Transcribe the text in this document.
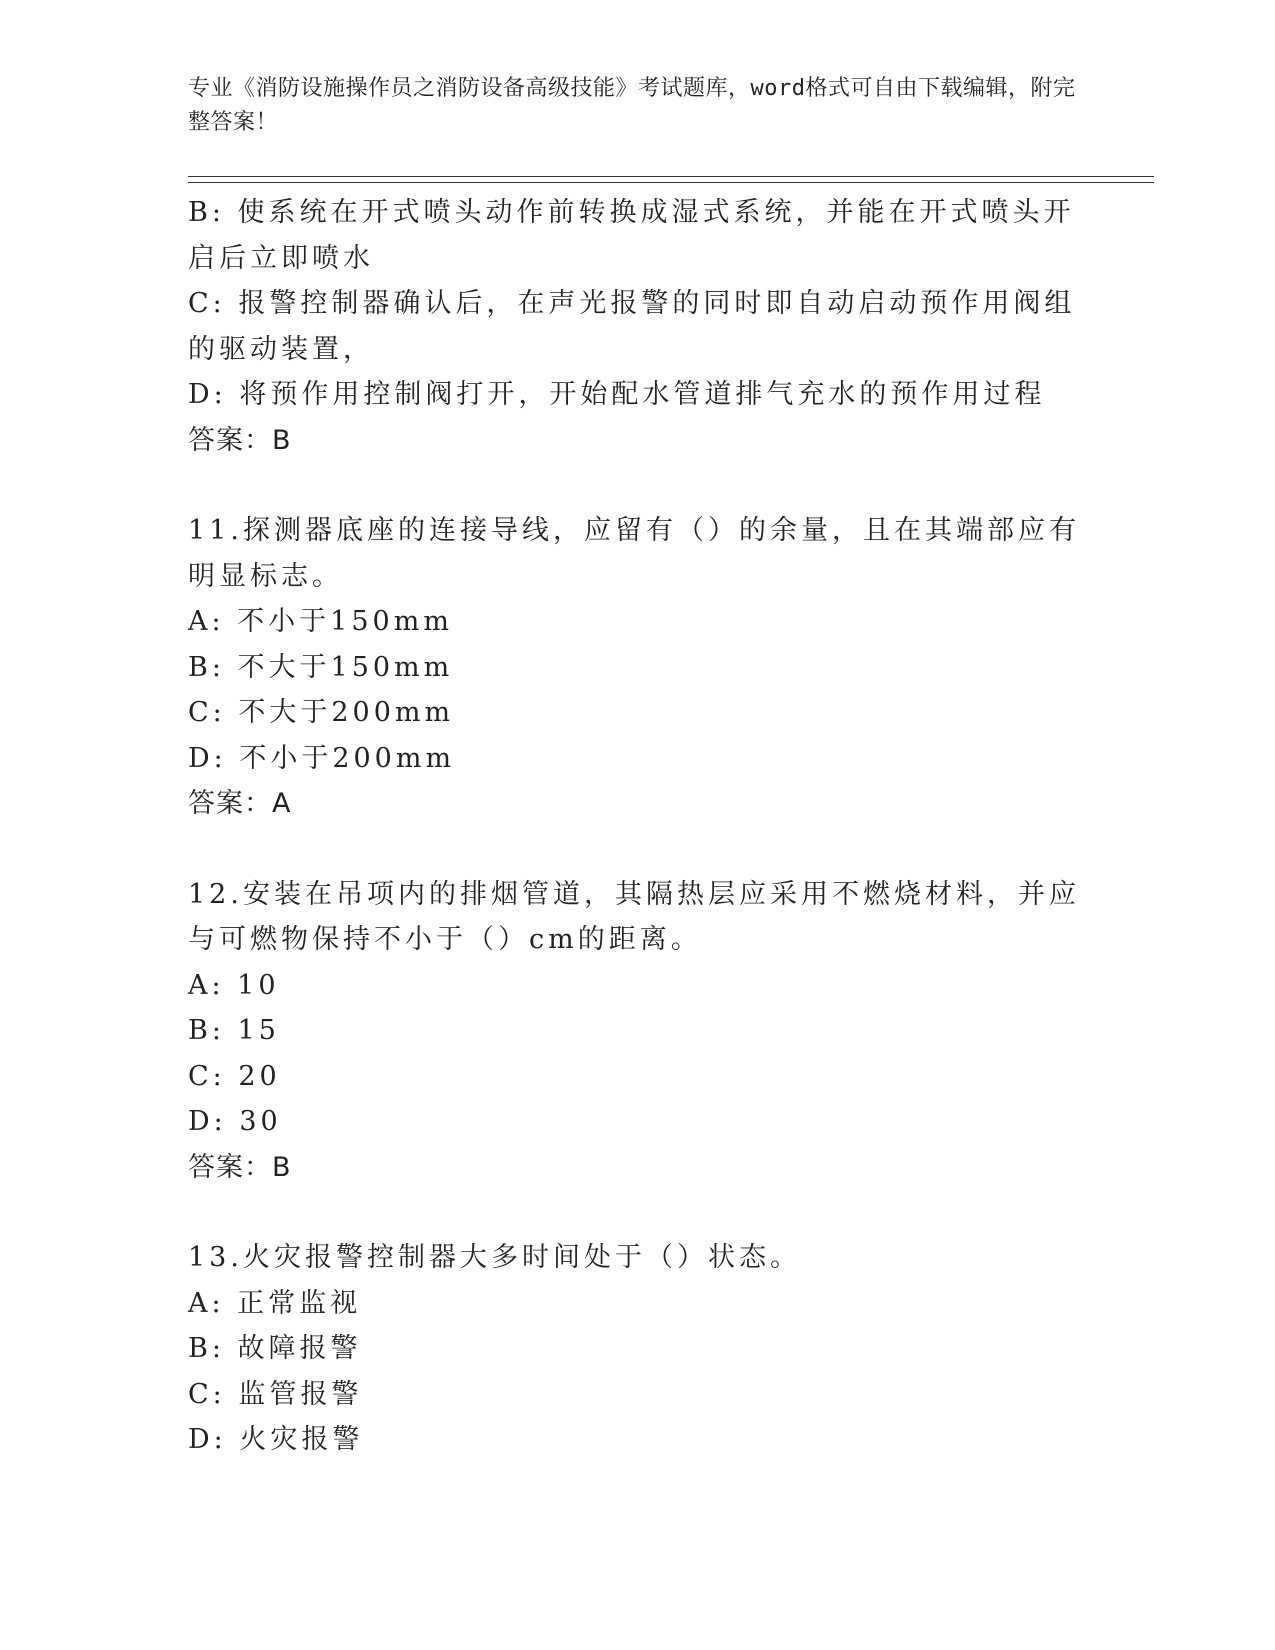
专业《消防设施操作员之消防设备高级技能》考试题库，word格式可自由下载编辑，附完整答案！
B: 使系统在开式喷头动作前转换成湿式系统，并能在开式喷头开启后立即喷水
C: 报警控制器确认后，在声光报警的同时即自动启动预作用阀组的驱动装置，
D: 将预作用控制阀打开，开始配水管道排气充水的预作用过程
答案：B
11.探测器底座的连接导线，应留有（）的余量，且在其端部应有明显标志。
A: 不小于150mm
B: 不大于150mm
C: 不大于200mm
D: 不小于200mm
答案：A
12.安装在吊项内的排烟管道，其隔热层应采用不燃烧材料，并应与可燃物保持不小于（）cm的距离。
A: 10
B: 15
C: 20
D: 30
答案：B
13.火灾报警控制器大多时间处于（）状态。
A: 正常监视
B: 故障报警
C: 监管报警
D: 火灾报警
